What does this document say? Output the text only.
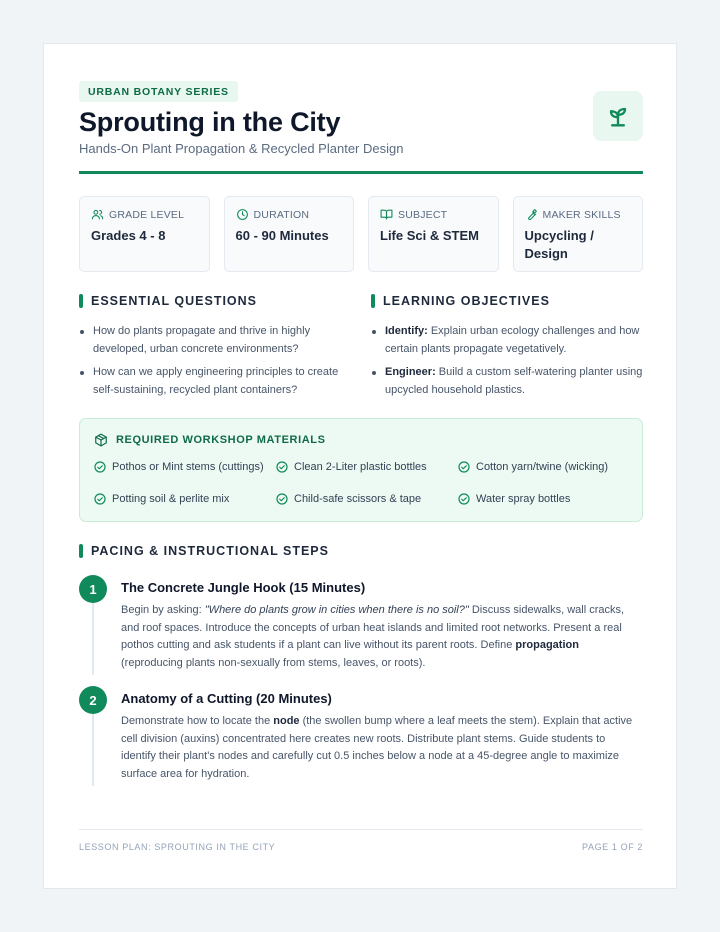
URBAN BOTANY SERIES
Sprouting in the City
Hands-On Plant Propagation & Recycled Planter Design
GRADE LEVEL
Grades 4 - 8
DURATION
60 - 90 Minutes
SUBJECT
Life Sci & STEM
MAKER SKILLS
Upcycling / Design
ESSENTIAL QUESTIONS
How do plants propagate and thrive in highly developed, urban concrete environments?
How can we apply engineering principles to create self-sustaining, recycled plant containers?
LEARNING OBJECTIVES
Identify: Explain urban ecology challenges and how certain plants propagate vegetatively.
Engineer: Build a custom self-watering planter using upcycled household plastics.
REQUIRED WORKSHOP MATERIALS
Pothos or Mint stems (cuttings)	Clean 2-Liter plastic bottles	Cotton yarn/twine (wicking)
Potting soil & perlite mix	Child-safe scissors & tape	Water spray bottles
PACING & INSTRUCTIONAL STEPS
1	The Concrete Jungle Hook (15 Minutes)
Begin by asking: "Where do plants grow in cities when there is no soil?" Discuss sidewalks, wall cracks, and roof spaces. Introduce the concepts of urban heat islands and limited root networks. Present a real pothos cutting and ask students if a plant can live without its parent roots. Define propagation (reproducing plants non-sexually from stems, leaves, or roots).
2	Anatomy of a Cutting (20 Minutes)
Demonstrate how to locate the node (the swollen bump where a leaf meets the stem). Explain that active cell division (auxins) concentrated here creates new roots. Distribute plant stems. Guide students to identify their plant's nodes and carefully cut 0.5 inches below a node at a 45-degree angle to maximize surface area for hydration.
LESSON PLAN: SPROUTING IN THE CITY	PAGE 1 OF 2
